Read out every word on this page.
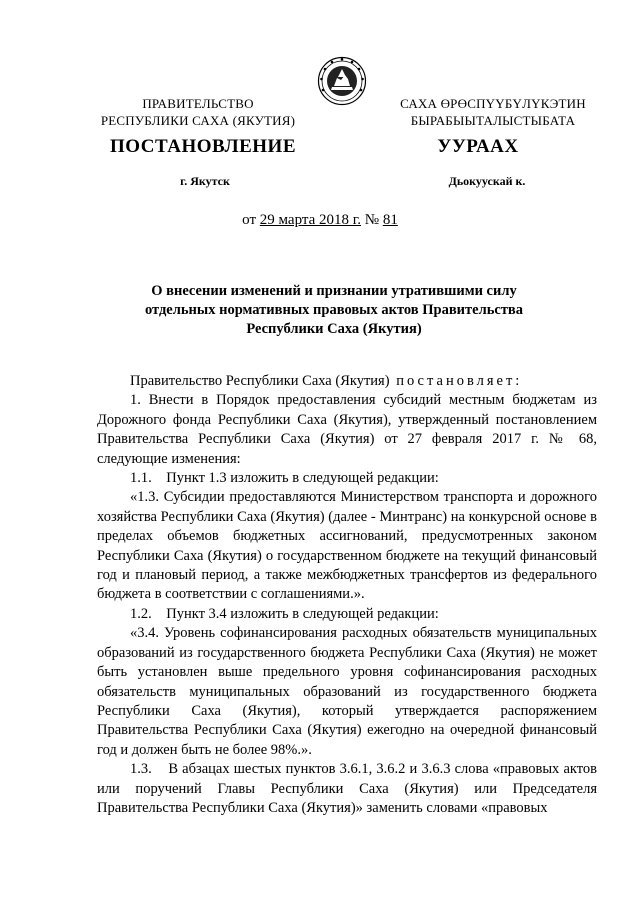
ПРАВИТЕЛЬСТВО
РЕСПУБЛИКИ САХА (ЯКУТИЯ)
САХА ӨРӨСПҮҮБҮЛҮКЭТИН
БЫРАБЫЫТАЛЫСТЫБАТА
ПОСТАНОВЛЕНИЕ	УУРААХ
г. Якутск	Дьокуускай к.
от 29 марта 2018 г. № 81
О внесении изменений и признании утратившими силу
отдельных нормативных правовых актов Правительства
Республики Саха (Якутия)

Правительство Республики Саха (Якутия) постановляет:

1. Внести в Порядок предоставления субсидий местным бюджетам из Дорожного фонда Республики Саха (Якутия), утвержденный постановлением Правительства Республики Саха (Якутия) от 27 февраля 2017 г. № 68, следующие изменения:

1.1.    Пункт 1.3 изложить в следующей редакции:

«1.3. Субсидии предоставляются Министерством транспорта и дорожного хозяйства Республики Саха (Якутия) (далее - Минтранс) на конкурсной основе в пределах объемов бюджетных ассигнований, предусмотренных законом Республики Саха (Якутия) о государственном бюджете на текущий финансовый год и плановый период, а также межбюджетных трансфертов из федерального бюджета в соответствии с соглашениями.».

1.2.    Пункт 3.4 изложить в следующей редакции:

«3.4. Уровень софинансирования расходных обязательств муниципальных образований из государственного бюджета Республики Саха (Якутия) не может быть установлен выше предельного уровня софинансирования расходных обязательств муниципальных образований из государственного бюджета Республики Саха (Якутия), который утверждается распоряжением Правительства Республики Саха (Якутия) ежегодно на очередной финансовый год и должен быть не более 98%.».

1.3.    В абзацах шестых пунктов 3.6.1, 3.6.2 и 3.6.3 слова «правовых актов или поручений Главы Республики Саха (Якутия) или Председателя Правительства Республики Саха (Якутия)» заменить словами «правовых
